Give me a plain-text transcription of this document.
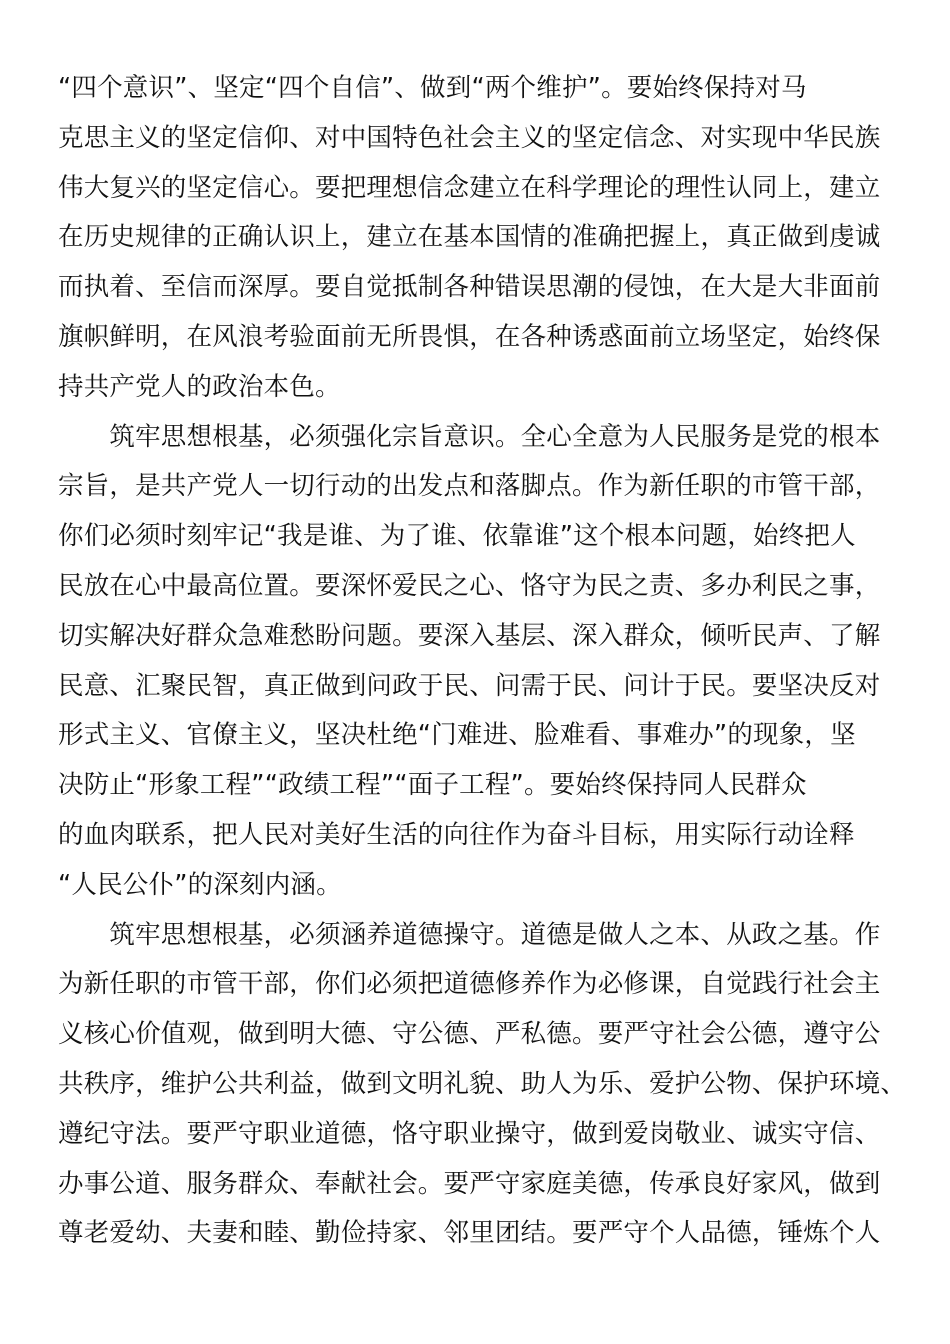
“四个意识”、坚定“四个自信”、做到“两个维护”。要始终保持对马
克思主义的坚定信仰、对中国特色社会主义的坚定信念、对实现中华民族
伟大复兴的坚定信心。要把理想信念建立在科学理论的理性认同上，建立
在历史规律的正确认识上，建立在基本国情的准确把握上，真正做到虔诚
而执着、至信而深厚。要自觉抵制各种错误思潮的侵蚀，在大是大非面前
旗帜鲜明，在风浪考验面前无所畏惧，在各种诱惑面前立场坚定，始终保
持共产党人的政治本色。
　　筑牢思想根基，必须强化宗旨意识。全心全意为人民服务是党的根本
宗旨，是共产党人一切行动的出发点和落脚点。作为新任职的市管干部，
你们必须时刻牢记“我是谁、为了谁、依靠谁”这个根本问题，始终把人
民放在心中最高位置。要深怀爱民之心、恪守为民之责、多办利民之事，
切实解决好群众急难愁盼问题。要深入基层、深入群众，倾听民声、了解
民意、汇聚民智，真正做到问政于民、问需于民、问计于民。要坚决反对
形式主义、官僚主义，坚决杜绝“门难进、脸难看、事难办”的现象，坚
决防止“形象工程”“政绩工程”“面子工程”。要始终保持同人民群众
的血肉联系，把人民对美好生活的向往作为奋斗目标，用实际行动诠释
“人民公仆”的深刻内涵。
　　筑牢思想根基，必须涵养道德操守。道德是做人之本、从政之基。作
为新任职的市管干部，你们必须把道德修养作为必修课，自觉践行社会主
义核心价值观，做到明大德、守公德、严私德。要严守社会公德，遵守公
共秩序，维护公共利益，做到文明礼貌、助人为乐、爱护公物、保护环境、
遵纪守法。要严守职业道德，恪守职业操守，做到爱岗敬业、诚实守信、
办事公道、服务群众、奉献社会。要严守家庭美德，传承良好家风，做到
尊老爱幼、夫妻和睦、勤俭持家、邻里团结。要严守个人品德，锤炼个人
